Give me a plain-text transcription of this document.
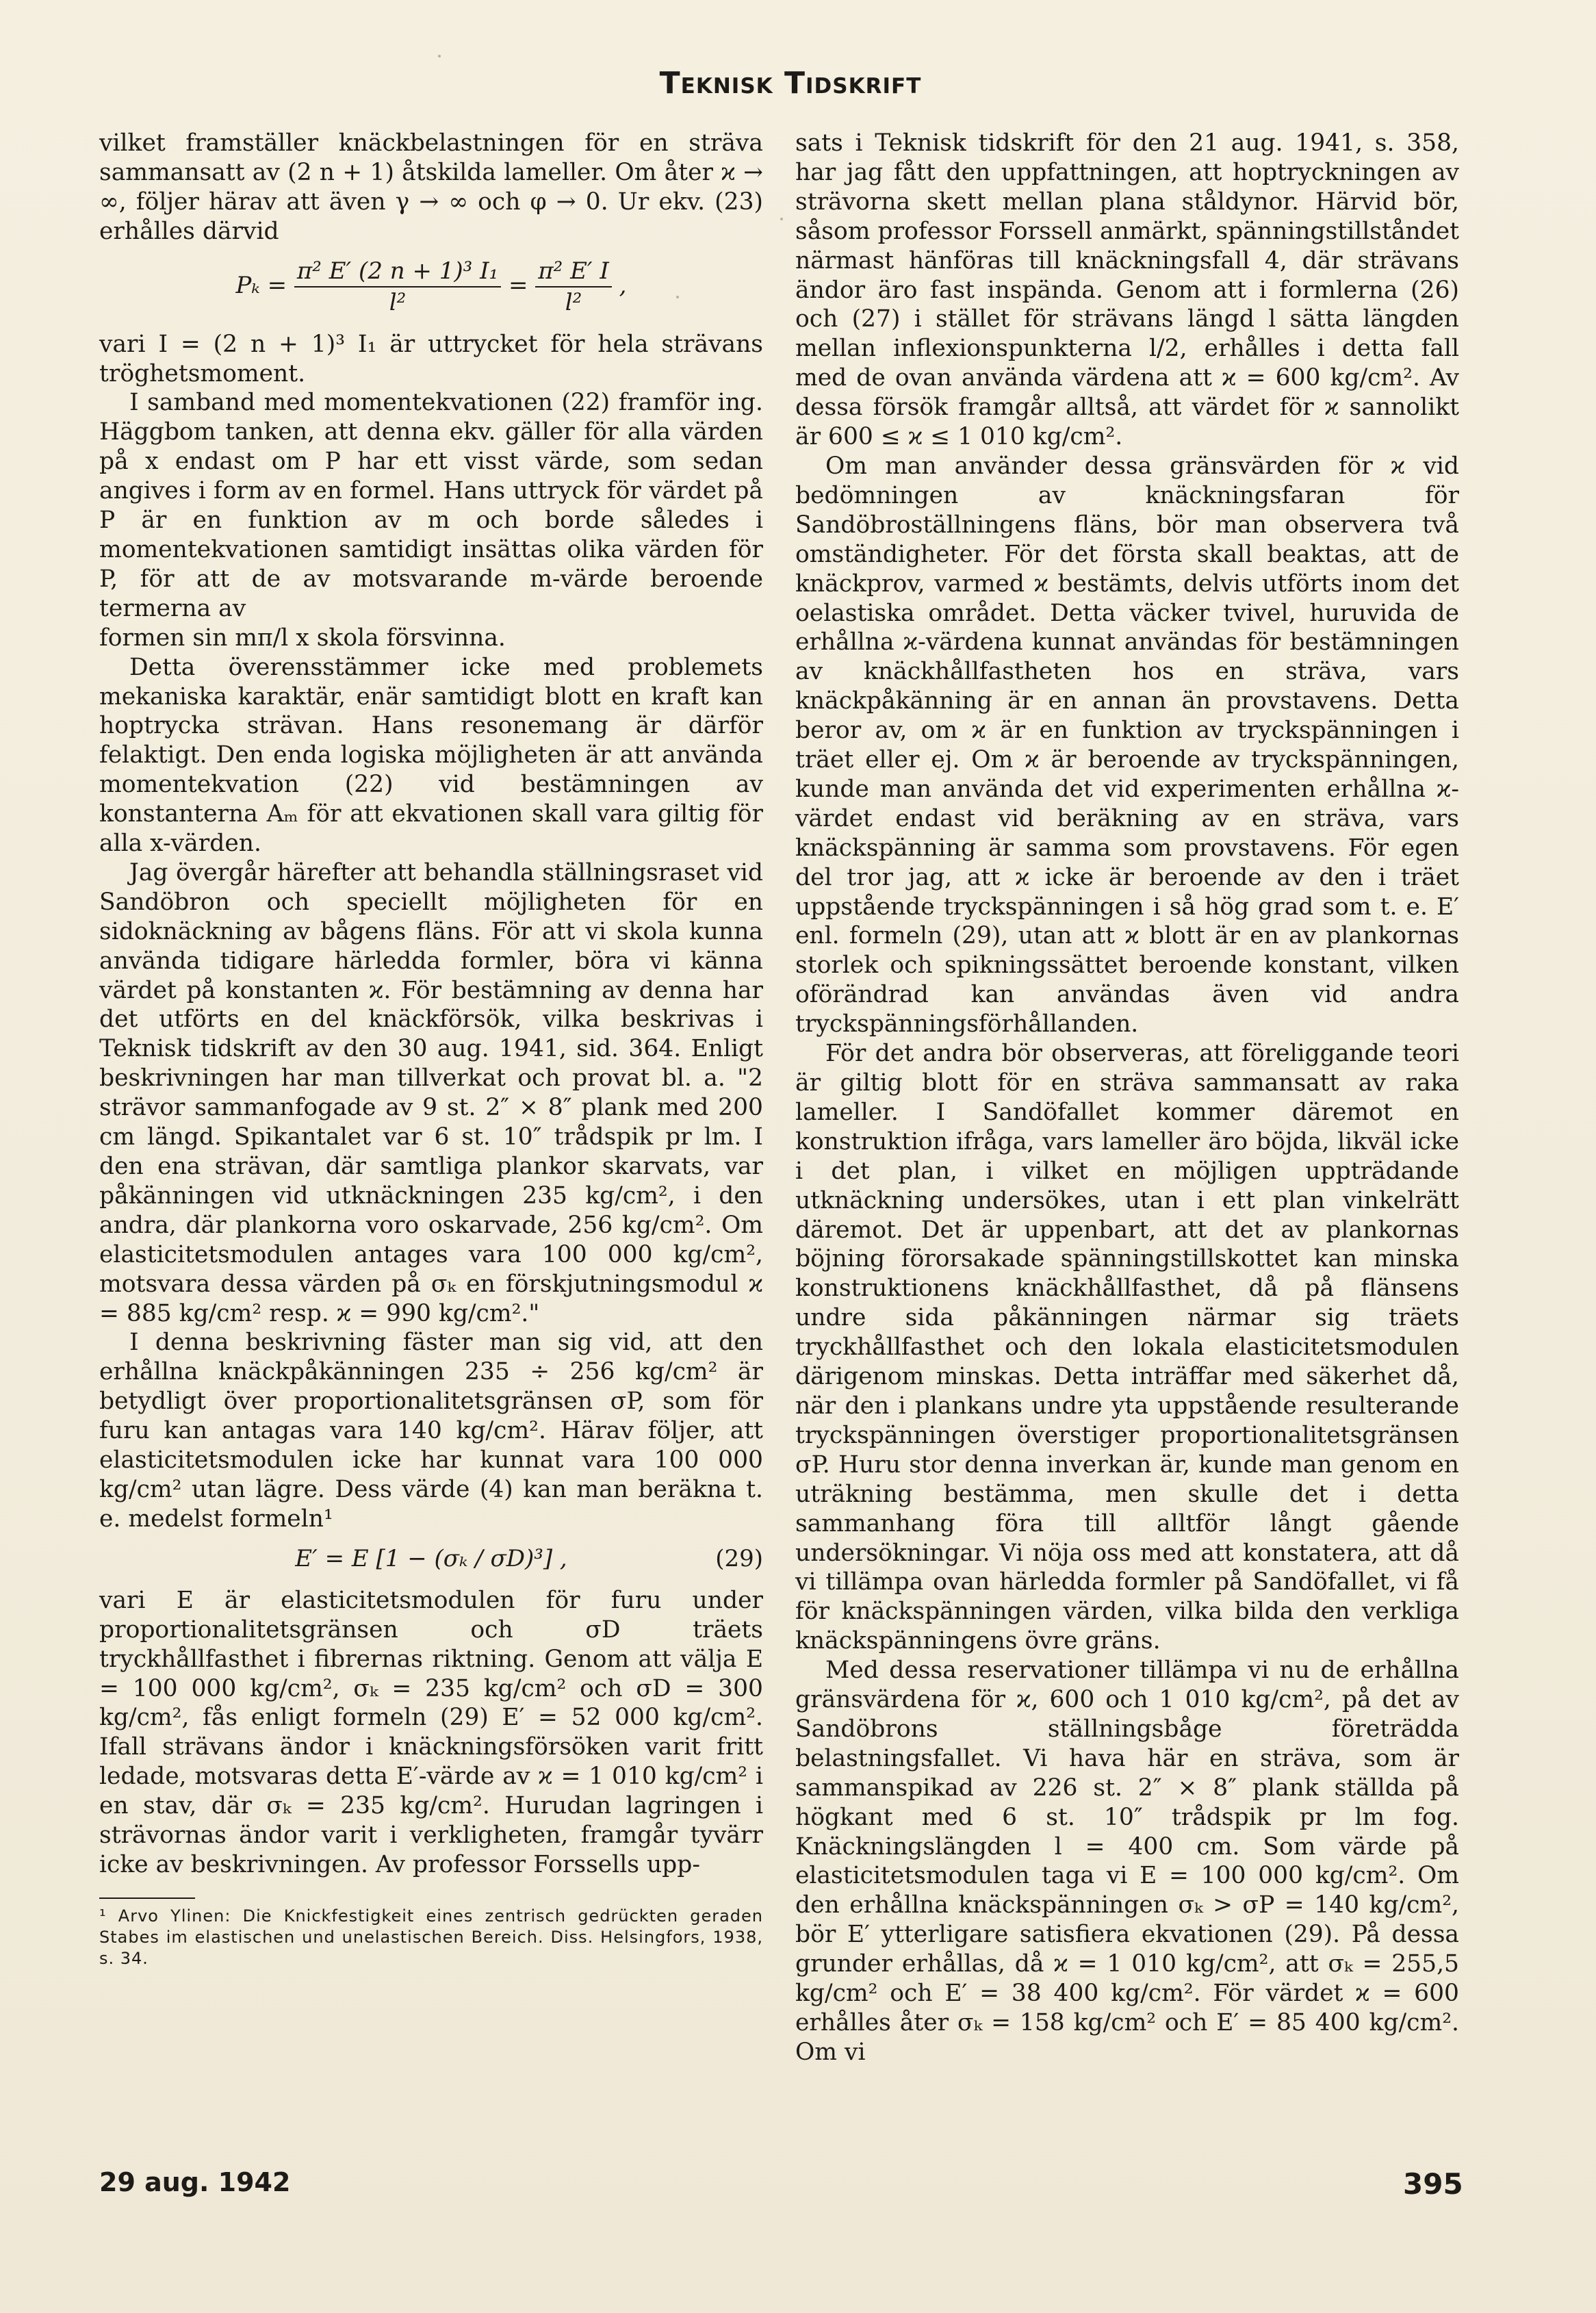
Teknisk Tidskrift

vilket framställer knäckbelastningen för en sträva sammansatt av (2 n + 1) åtskilda lameller. Om åter ϰ → ∞, följer härav att även γ → ∞ och φ → 0. Ur ekv. (23) erhålles därvid

$P_k = \frac{\text{π² E′ (2 n + 1)³ I₁}}{\text{l²}} = \frac{\text{π² E′ I}}{\text{l²}}$ ,

vari I = (2 n + 1)³ I₁ är uttrycket för hela strävans tröghetsmoment.

I samband med momentekvationen (22) framför ing. Häggbom tanken, att denna ekv. gäller för alla värden på x endast om P har ett visst värde, som sedan angives i form av en formel. Hans uttryck för värdet på P är en funktion av m och borde således i momentekvationen samtidigt insättas olika värden för P, för att de av motsvarande m-värde beroende termerna av

formen sin mπ/l x skola försvinna.

Detta överensstämmer icke med problemets mekaniska karaktär, enär samtidigt blott en kraft kan hoptrycka strävan. Hans resonemang är därför felaktigt. Den enda logiska möjligheten är att använda momentekvation (22) vid bestämningen av konstanterna Aₘ för att ekvationen skall vara giltig för alla x-värden.

Jag övergår härefter att behandla ställningsraset vid Sandöbron och speciellt möjligheten för en sidoknäckning av bågens fläns. För att vi skola kunna använda tidigare härledda formler, böra vi känna värdet på konstanten ϰ. För bestämning av denna har det utförts en del knäckförsök, vilka beskrivas i Teknisk tidskrift av den 30 aug. 1941, sid. 364. Enligt beskrivningen har man tillverkat och provat bl. a. "2 strävor sammanfogade av 9 st. 2″ × 8″ plank med 200 cm längd. Spikantalet var 6 st. 10″ trådspik pr lm. I den ena strävan, där samtliga plankor skarvats, var påkänningen vid utknäckningen 235 kg/cm², i den andra, där plankorna voro oskarvade, 256 kg/cm². Om elasticitetsmodulen antages vara 100 000 kg/cm², motsvara dessa värden på σₖ en förskjutningsmodul ϰ = 885 kg/cm² resp. ϰ = 990 kg/cm²."

I denna beskrivning fäster man sig vid, att den erhållna knäckpåkänningen 235 ÷ 256 kg/cm² är betydligt över proportionalitetsgränsen σP, som för furu kan antagas vara 140 kg/cm². Härav följer, att elasticitetsmodulen icke har kunnat vara 100 000 kg/cm² utan lägre. Dess värde (4) kan man beräkna t. e. medelst formeln¹

E′ = E [1 − (σₖ / σD)³] ,	(29)

vari E är elasticitetsmodulen för furu under proportionalitetsgränsen och σD träets tryckhållfasthet i fibrernas riktning. Genom att välja E = 100 000 kg/cm², σₖ = 235 kg/cm² och σD = 300 kg/cm², fås enligt formeln (29) E′ = 52 000 kg/cm². Ifall strävans ändor i knäckningsförsöken varit fritt ledade, motsvaras detta E′-värde av ϰ = 1 010 kg/cm² i en stav, där σₖ = 235 kg/cm². Hurudan lagringen i strävornas ändor varit i verkligheten, framgår tyvärr icke av beskrivningen. Av professor Forssells upp-

¹ Arvo Ylinen: Die Knickfestigkeit eines zentrisch gedrückten geraden Stabes im elastischen und unelastischen Bereich. Diss. Helsingfors, 1938, s. 34.

sats i Teknisk tidskrift för den 21 aug. 1941, s. 358, har jag fått den uppfattningen, att hoptryckningen av strävorna skett mellan plana ståldynor. Härvid bör, såsom professor Forssell anmärkt, spänningstillståndet närmast hänföras till knäckningsfall 4, där strävans ändor äro fast inspända. Genom att i formlerna (26) och (27) i stället för strävans längd l sätta längden mellan inflexionspunkterna l/2, erhålles i detta fall med de ovan använda värdena att ϰ = 600 kg/cm². Av dessa försök framgår alltså, att värdet för ϰ sannolikt är 600 ≤ ϰ ≤ 1 010 kg/cm².

Om man använder dessa gränsvärden för ϰ vid bedömningen av knäckningsfaran för Sandöbroställningens fläns, bör man observera två omständigheter. För det första skall beaktas, att de knäckprov, varmed ϰ bestämts, delvis utförts inom det oelastiska området. Detta väcker tvivel, huruvida de erhållna ϰ-värdena kunnat användas för bestämningen av knäckhållfastheten hos en sträva, vars knäckpåkänning är en annan än provstavens. Detta beror av, om ϰ är en funktion av tryckspänningen i träet eller ej. Om ϰ är beroende av tryckspänningen, kunde man använda det vid experimenten erhållna ϰ-värdet endast vid beräkning av en sträva, vars knäckspänning är samma som provstavens. För egen del tror jag, att ϰ icke är beroende av den i träet uppstående tryckspänningen i så hög grad som t. e. E′ enl. formeln (29), utan att ϰ blott är en av plankornas storlek och spikningssättet beroende konstant, vilken oförändrad kan användas även vid andra tryckspänningsförhållanden.

För det andra bör observeras, att föreliggande teori är giltig blott för en sträva sammansatt av raka lameller. I Sandöfallet kommer däremot en konstruktion ifråga, vars lameller äro böjda, likväl icke i det plan, i vilket en möjligen uppträdande utknäckning undersökes, utan i ett plan vinkelrätt däremot. Det är uppenbart, att det av plankornas böjning förorsakade spänningstillskottet kan minska konstruktionens knäckhållfasthet, då på flänsens undre sida påkänningen närmar sig träets tryckhållfasthet och den lokala elasticitetsmodulen därigenom minskas. Detta inträffar med säkerhet då, när den i plankans undre yta uppstående resulterande tryckspänningen överstiger proportionalitetsgränsen σP. Huru stor denna inverkan är, kunde man genom en uträkning bestämma, men skulle det i detta sammanhang föra till alltför långt gående undersökningar. Vi nöja oss med att konstatera, att då vi tillämpa ovan härledda formler på Sandöfallet, vi få för knäckspänningen värden, vilka bilda den verkliga knäckspänningens övre gräns.

Med dessa reservationer tillämpa vi nu de erhållna gränsvärdena för ϰ, 600 och 1 010 kg/cm², på det av Sandöbrons ställningsbåge företrädda belastningsfallet. Vi hava här en sträva, som är sammanspikad av 226 st. 2″ × 8″ plank ställda på högkant med 6 st. 10″ trådspik pr lm fog. Knäckningslängden l = 400 cm. Som värde på elasticitetsmodulen taga vi E = 100 000 kg/cm². Om den erhållna knäckspänningen σₖ > σP = 140 kg/cm², bör E′ ytterligare satisfiera ekvationen (29). På dessa grunder erhållas, då ϰ = 1 010 kg/cm², att σₖ = 255,5 kg/cm² och E′ = 38 400 kg/cm². För värdet ϰ = 600 erhålles åter σₖ = 158 kg/cm² och E′ = 85 400 kg/cm². Om vi

29 aug. 1942	395
